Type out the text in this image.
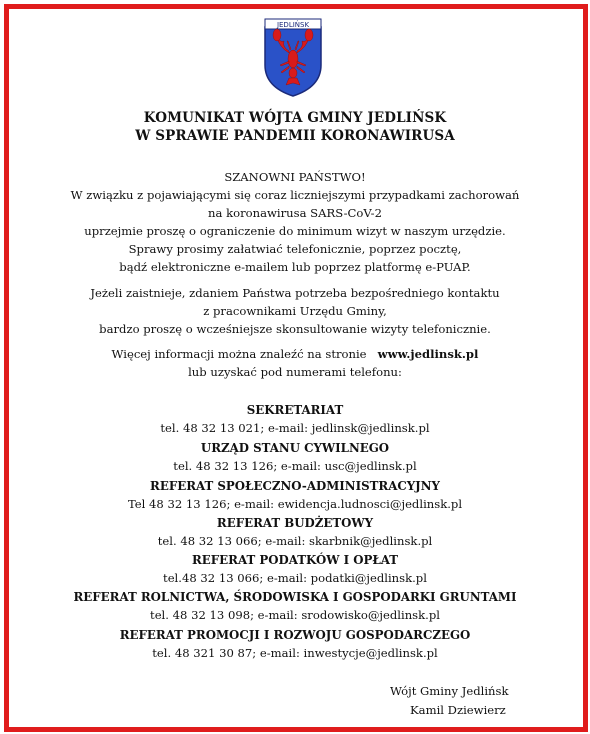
JEDLIŃSK
KOMUNIKAT WÓJTA GMINY JEDLIŃSK
W SPRAWIE PANDEMII KORONAWIRUSA
SZANOWNI PAŃSTWO!
W związku z pojawiającymi się coraz liczniejszymi przypadkami zachorowań
na koronawirusa SARS-CoV-2
uprzejmie proszę o ograniczenie do minimum wizyt w naszym urzędzie.
Sprawy prosimy załatwiać telefonicznie, poprzez pocztę,
bądź elektroniczne e-mailem lub poprzez platformę e-PUAP.
Jeżeli zaistnieje, zdaniem Państwa potrzeba bezpośredniego kontaktu
z pracownikami Urzędu Gminy,
bardzo proszę o wcześniejsze skonsultowanie wizyty telefonicznie.
Więcej informacji można znaleźć na stronie www.jedlinsk.pl
lub uzyskać pod numerami telefonu:
SEKRETARIAT
tel. 48 32 13 021; e-mail: jedlinsk@jedlinsk.pl
URZĄD STANU CYWILNEGO
tel. 48 32 13 126; e-mail: usc@jedlinsk.pl
REFERAT SPOŁECZNO-ADMINISTRACYJNY
Tel 48 32 13 126; e-mail: ewidencja.ludnosci@jedlinsk.pl
REFERAT BUDŻETOWY
tel. 48 32 13 066; e-mail: skarbnik@jedlinsk.pl
REFERAT PODATKÓW I OPŁAT
tel.48 32 13 066; e-mail: podatki@jedlinsk.pl
REFERAT ROLNICTWA, ŚRODOWISKA I GOSPODARKI GRUNTAMI
tel. 48 32 13 098; e-mail: srodowisko@jedlinsk.pl
REFERAT PROMOCJI I ROZWOJU GOSPODARCZEGO
tel. 48 321 30 87; e-mail: inwestycje@jedlinsk.pl
Wójt Gminy Jedlińsk
Kamil Dziewierz
